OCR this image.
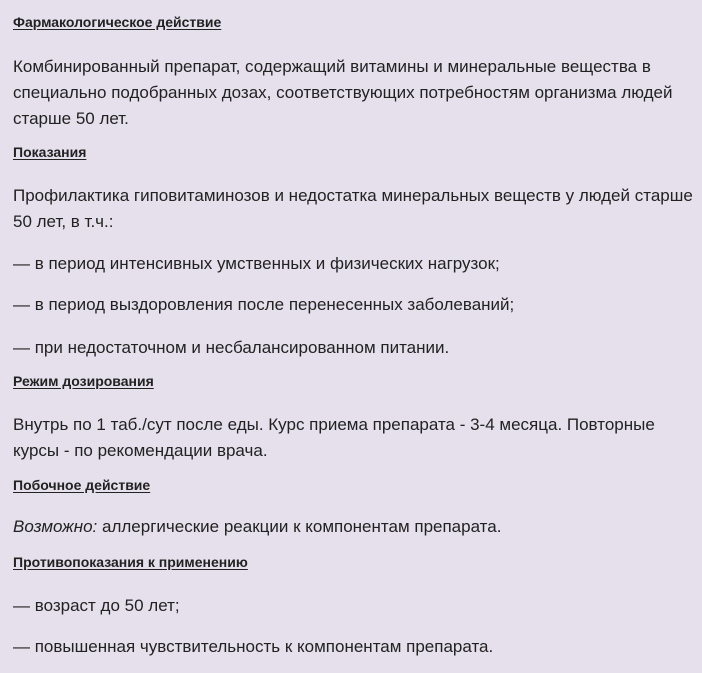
Фармакологическое действие

Комбинированный препарат, содержащий витамины и минеральные вещества в специально подобранных дозах, соответствующих потребностям организма людей старше 50 лет.

Показания

Профилактика гиповитаминозов и недостатка минеральных веществ у людей старше 50 лет, в т.ч.:

— в период интенсивных умственных и физических нагрузок;

— в период выздоровления после перенесенных заболеваний;

— при недостаточном и несбалансированном питании.

Режим дозирования

Внутрь по 1 таб./сут после еды. Курс приема препарата - 3-4 месяца. Повторные курсы - по рекомендации врача.

Побочное действие

Возможно: аллергические реакции к компонентам препарата.

Противопоказания к применению

— возраст до 50 лет;

— повышенная чувствительность к компонентам препарата.
